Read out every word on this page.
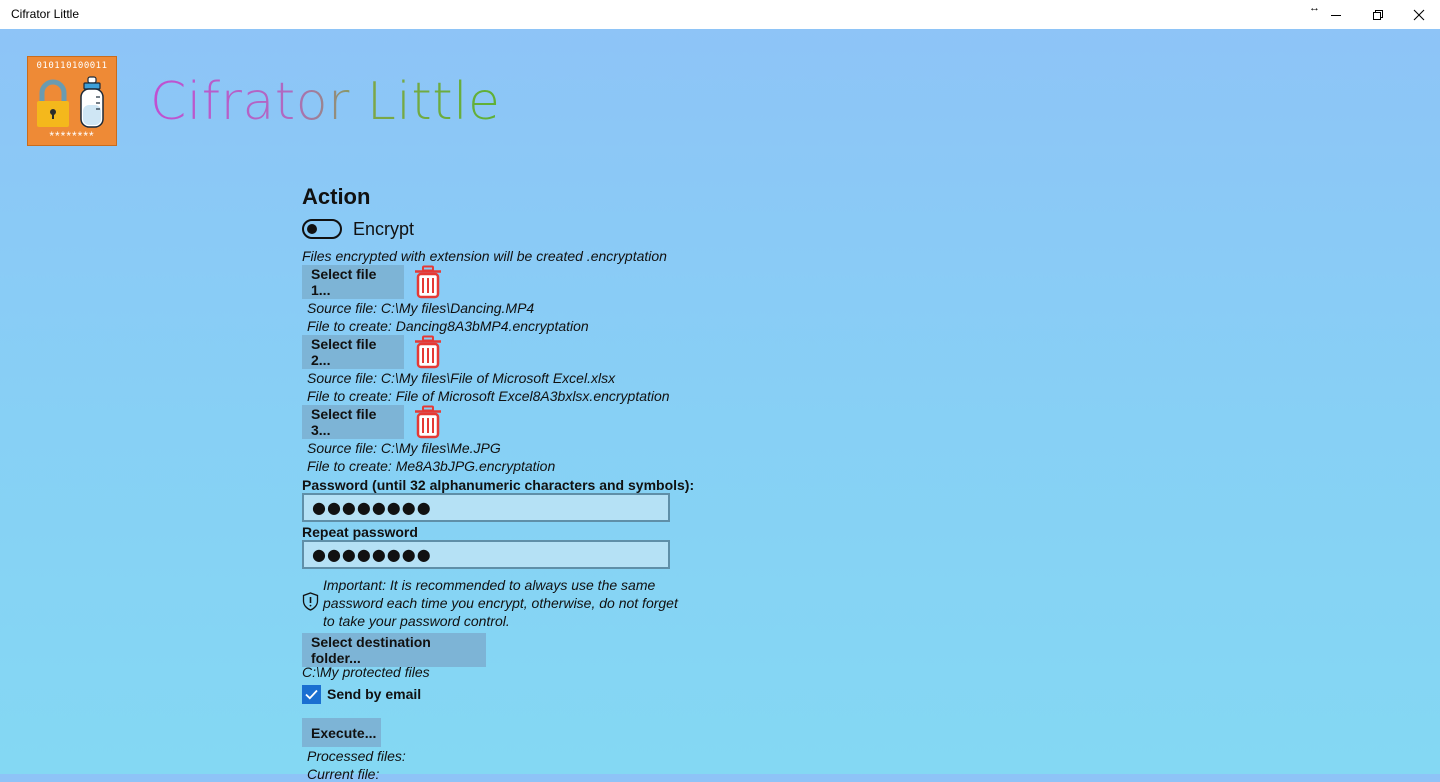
Cifrator Little	↔
010110100011
********
Cifrator Little
Action
Encrypt
Files encrypted with extension will be created .encryptation
Select file 1...
Source file: C:\My files\Dancing.MP4
File to create: Dancing8A3bMP4.encryptation
Select file 2...
Source file: C:\My files\File of Microsoft Excel.xlsx
File to create: File of Microsoft Excel8A3bxlsx.encryptation
Select file 3...
Source file: C:\My files\Me.JPG
File to create: Me8A3bJPG.encryptation
Password (until 32 alphanumeric characters and symbols):
●●●●●●●●
Repeat password
●●●●●●●●
Important: It is recommended to always use the same password each time you encrypt, otherwise, do not forget to take your password control.
Select destination folder...
C:\My protected files
Send by email
Execute...
Processed files:
Current file:
